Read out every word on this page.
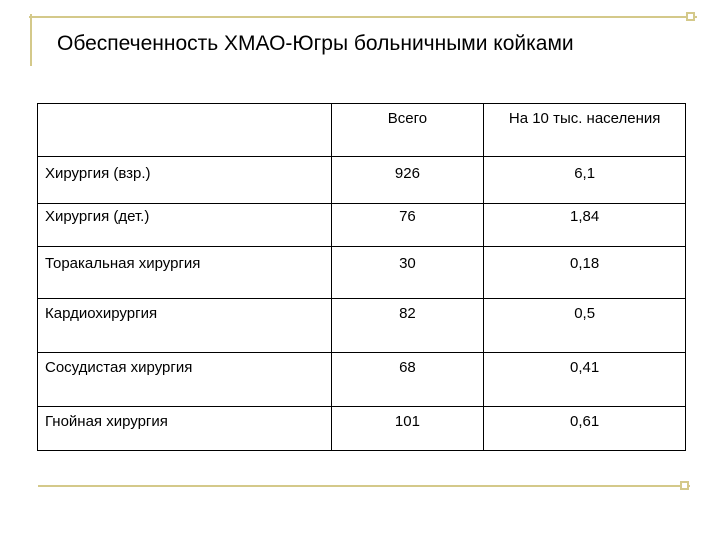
Обеспеченность ХМАО-Югры больничными койками
	Всего	На 10 тыс. населения
Хирургия (взр.)	926	6,1
Хирургия (дет.)	76	1,84
Торакальная хирургия	30	0,18
Кардиохирургия	82	0,5
Сосудистая хирургия	68	0,41
Гнойная хирургия	101	0,61
